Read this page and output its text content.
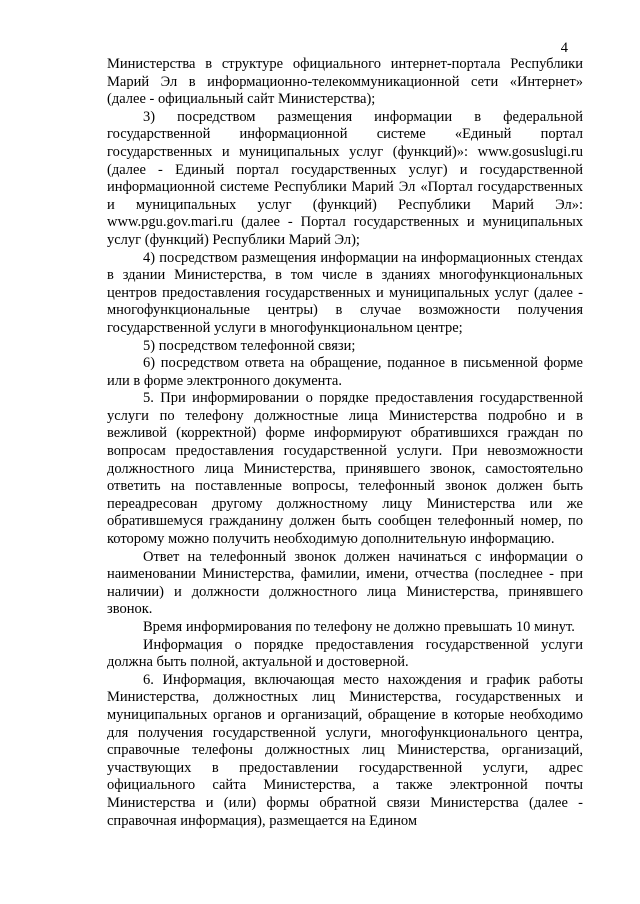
4

Министерства в структуре официального интернет-портала Республики Марий Эл в информационно-телекоммуникационной сети «Интернет» (далее - официальный сайт Министерства);

3) посредством размещения информации в федеральной государственной информационной системе «Единый портал государственных и муниципальных услуг (функций)»: www.gosuslugi.ru (далее - Единый портал государственных услуг) и государственной информационной системе Республики Марий Эл «Портал государственных и муниципальных услуг (функций) Республики Марий Эл»: www.pgu.gov.mari.ru (далее - Портал государственных и муниципальных услуг (функций) Республики Марий Эл);

4) посредством размещения информации на информационных стендах в здании Министерства, в том числе в зданиях многофункциональных центров предоставления государственных и муниципальных услуг (далее - многофункциональные центры) в случае возможности получения государственной услуги в многофункциональном центре;

5) посредством телефонной связи;

6) посредством ответа на обращение, поданное в письменной форме или в форме электронного документа.

5. При информировании о порядке предоставления государственной услуги по телефону должностные лица Министерства подробно и в вежливой (корректной) форме информируют обратившихся граждан по вопросам предоставления государственной услуги. При невозможности должностного лица Министерства, принявшего звонок, самостоятельно ответить на поставленные вопросы, телефонный звонок должен быть переадресован другому должностному лицу Министерства или же обратившемуся гражданину должен быть сообщен телефонный номер, по которому можно получить необходимую дополнительную информацию.

Ответ на телефонный звонок должен начинаться с информации о наименовании Министерства, фамилии, имени, отчества (последнее - при наличии) и должности должностного лица Министерства, принявшего звонок.

Время информирования по телефону не должно превышать 10 минут.

Информация о порядке предоставления государственной услуги должна быть полной, актуальной и достоверной.

6. Информация, включающая место нахождения и график работы Министерства, должностных лиц Министерства, государственных и муниципальных органов и организаций, обращение в которые необходимо для получения государственной услуги, многофункционального центра, справочные телефоны должностных лиц Министерства, организаций, участвующих в предоставлении государственной услуги, адрес официального сайта Министерства, а также электронной почты Министерства и (или) формы обратной связи Министерства (далее - справочная информация), размещается на Едином
